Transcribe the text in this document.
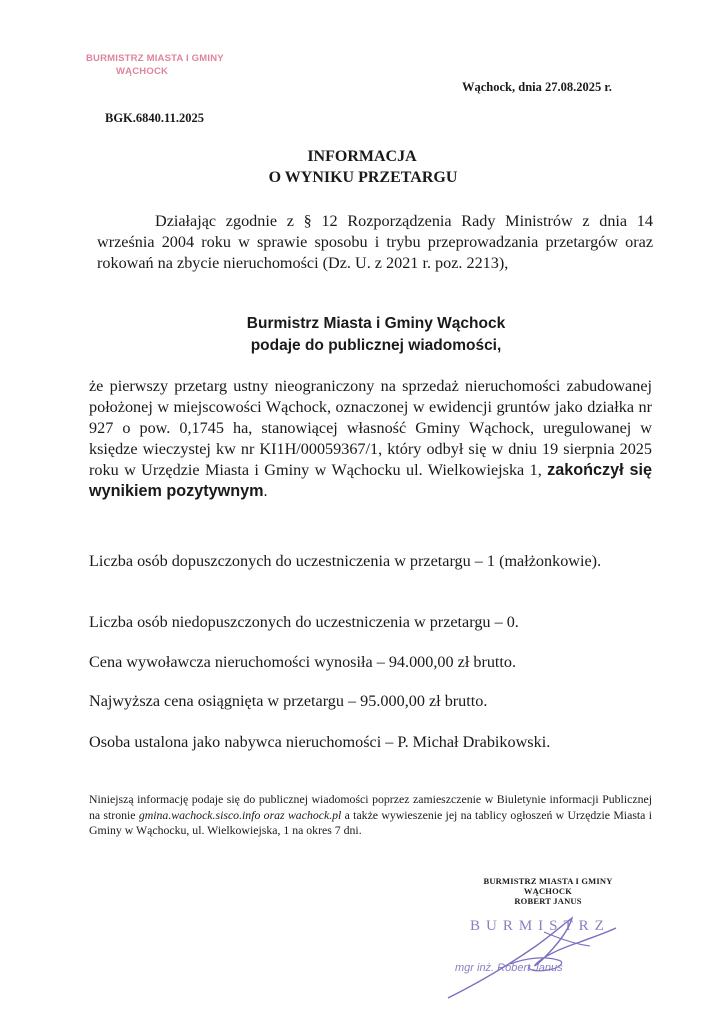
BURMISTRZ MIASTA I GMINY
WĄCHOCK
Wąchock, dnia 27.08.2025 r.
BGK.6840.11.2025
INFORMACJA
O WYNIKU PRZETARGU
Działając zgodnie z § 12 Rozporządzenia Rady Ministrów z dnia 14 września 2004 roku w sprawie sposobu i trybu przeprowadzania przetargów oraz rokowań na zbycie nieruchomości (Dz. U. z 2021 r. poz. 2213),
Burmistrz Miasta i Gminy Wąchock
podaje do publicznej wiadomości,
że pierwszy przetarg ustny nieograniczony na sprzedaż nieruchomości zabudowanej położonej w miejscowości Wąchock, oznaczonej w ewidencji gruntów jako działka nr 927 o pow. 0,1745 ha, stanowiącej własność Gminy Wąchock, uregulowanej w księdze wieczystej kw nr KI1H/00059367/1, który odbył się w dniu 19 sierpnia 2025 roku w Urzędzie Miasta i Gminy w Wąchocku ul. Wielkowiejska 1, zakończył się wynikiem pozytywnym.
Liczba osób dopuszczonych do uczestniczenia w przetargu – 1 (małżonkowie).
Liczba osób niedopuszczonych do uczestniczenia w przetargu – 0.
Cena wywoławcza nieruchomości wynosiła – 94.000,00 zł brutto.
Najwyższa cena osiągnięta w przetargu – 95.000,00 zł brutto.
Osoba ustalona jako nabywca nieruchomości – P. Michał Drabikowski.
Niniejszą informację podaje się do publicznej wiadomości poprzez zamieszczenie w Biuletynie informacji Publicznej na stronie gmina.wachock.sisco.info oraz wachock.pl a także wywieszenie jej na tablicy ogłoszeń w Urzędzie Miasta i Gminy w Wąchocku, ul. Wielkowiejska, 1 na okres 7 dni.
BURMISTRZ MIASTA I GMINY
WĄCHOCK
ROBERT JANUS
BURMISTRZ
mgr inż. Robert Janus
